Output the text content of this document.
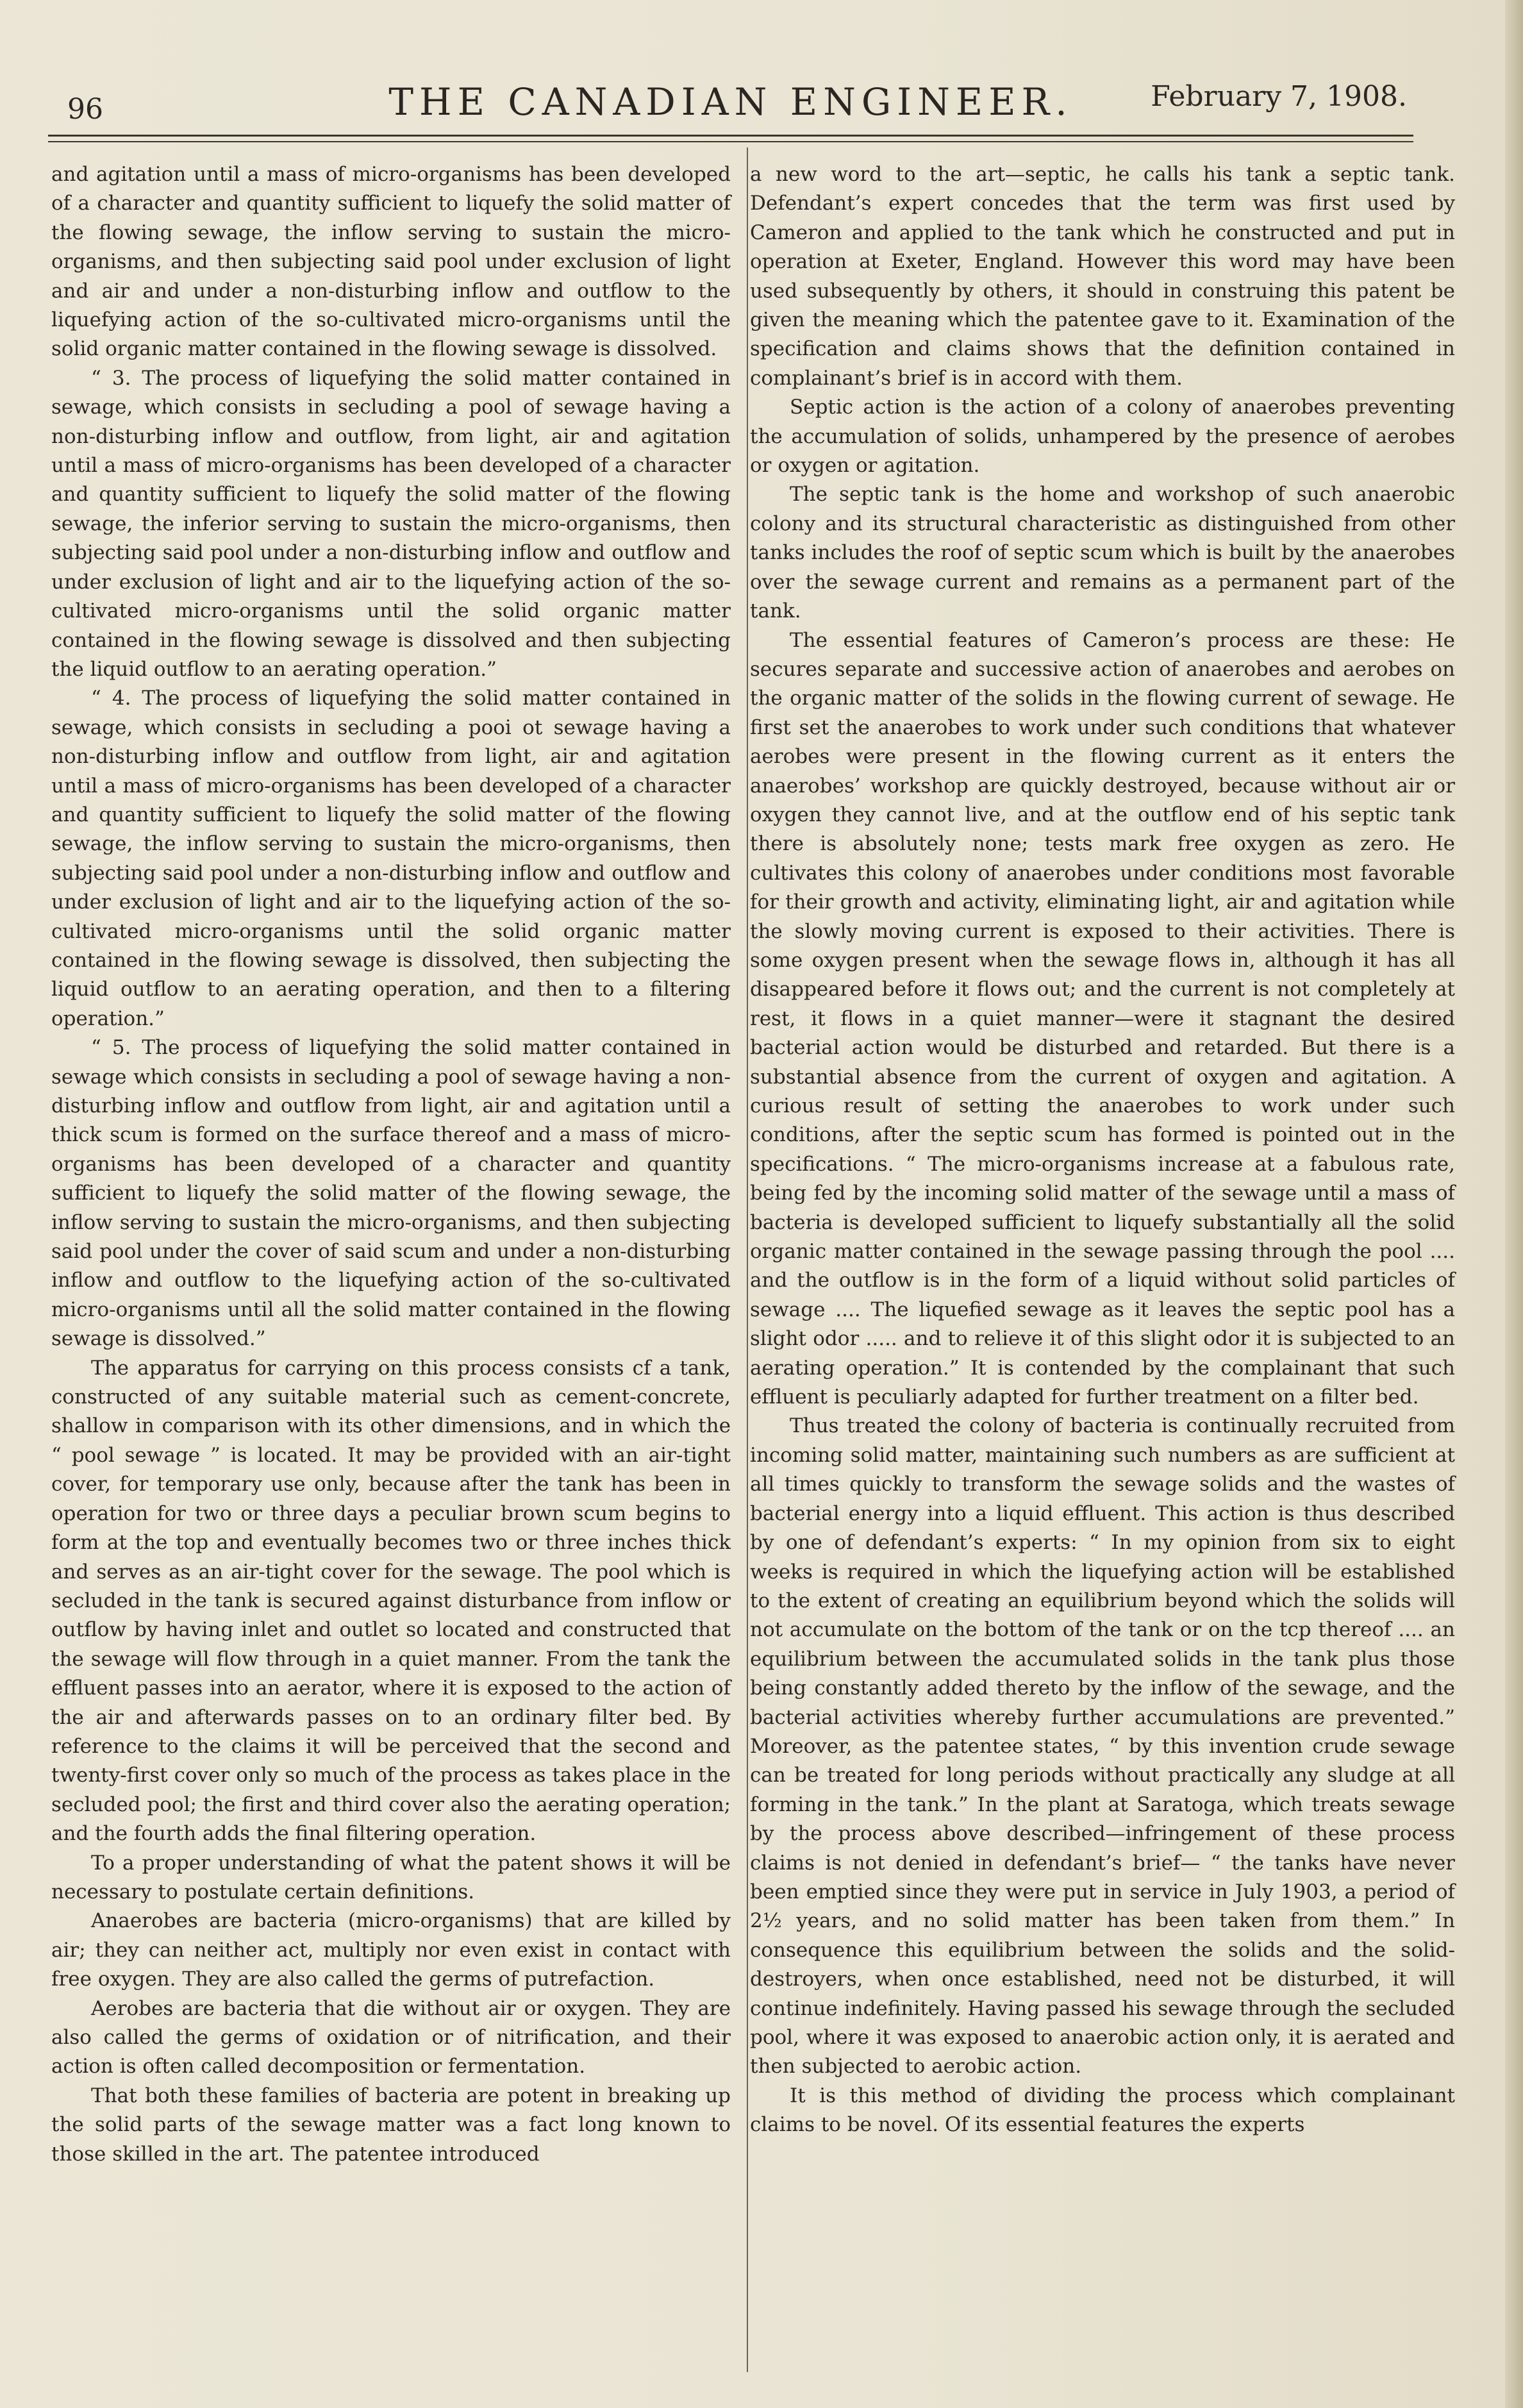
96	THE CANADIAN ENGINEER.	February 7, 1908.

and agitation until a mass of micro-organisms has been developed of a character and quantity sufficient to liquefy the solid matter of the flowing sewage, the inflow serving to sustain the micro-organisms, and then subjecting said pool under exclusion of light and air and under a non-disturbing inflow and outflow to the liquefying action of the so-cultivated micro-organisms until the solid organic matter contained in the flowing sewage is dissolved.

“ 3. The process of liquefying the solid matter contained in sewage, which consists in secluding a pool of sewage having a non-disturbing inflow and outflow, from light, air and agitation until a mass of micro-organisms has been developed of a character and quantity sufficient to liquefy the solid matter of the flowing sewage, the inferior serving to sustain the micro-organisms, then subjecting said pool under a non-disturbing inflow and outflow and under exclusion of light and air to the liquefying action of the so-cultivated micro-organisms until the solid organic matter contained in the flowing sewage is dissolved and then subjecting the liquid outflow to an aerating operation.”

“ 4. The process of liquefying the solid matter contained in sewage, which consists in secluding a pooi ot sewage having a non-disturbing inflow and outflow from light, air and agitation until a mass of micro-organisms has been developed of a character and quantity sufficient to liquefy the solid matter of the flowing sewage, the inflow serving to sustain the micro-organisms, then subjecting said pool under a non-disturbing inflow and outflow and under exclusion of light and air to the liquefying action of the so-cultivated micro-organisms until the solid organic matter contained in the flowing sewage is dissolved, then subjecting the liquid outflow to an aerating operation, and then to a filtering operation.”

“ 5. The process of liquefying the solid matter contained in sewage which consists in secluding a pool of sewage having a non-disturbing inflow and outflow from light, air and agitation until a thick scum is formed on the surface thereof and a mass of micro-organisms has been developed of a character and quantity sufficient to liquefy the solid matter of the flowing sewage, the inflow serving to sustain the micro-organisms, and then subjecting said pool under the cover of said scum and under a non-disturbing inflow and outflow to the liquefying action of the so-cultivated micro-organisms until all the solid matter contained in the flowing sewage is dissolved.”

The apparatus for carrying on this process consists cf a tank, constructed of any suitable material such as cement-concrete, shallow in comparison with its other dimensions, and in which the “ pool sewage ” is located. It may be provided with an air-tight cover, for temporary use only, because after the tank has been in operation for two or three days a peculiar brown scum begins to form at the top and eventually becomes two or three inches thick and serves as an air-tight cover for the sewage. The pool which is secluded in the tank is secured against disturbance from inflow or outflow by having inlet and outlet so located and constructed that the sewage will flow through in a quiet manner. From the tank the effluent passes into an aerator, where it is exposed to the action of the air and afterwards passes on to an ordinary filter bed. By reference to the claims it will be perceived that the second and twenty-first cover only so much of the process as takes place in the secluded pool; the first and third cover also the aerating operation; and the fourth adds the final filtering operation.

To a proper understanding of what the patent shows it will be necessary to postulate certain definitions.

Anaerobes are bacteria (micro-organisms) that are killed by air; they can neither act, multiply nor even exist in contact with free oxygen. They are also called the germs of putrefaction.

Aerobes are bacteria that die without air or oxygen. They are also called the germs of oxidation or of nitrification, and their action is often called decomposition or fermentation.

That both these families of bacteria are potent in breaking up the solid parts of the sewage matter was a fact long known to those skilled in the art. The patentee introduced

a new word to the art—septic, he calls his tank a septic tank. Defendant’s expert concedes that the term was first used by Cameron and applied to the tank which he constructed and put in operation at Exeter, England. However this word may have been used subsequently by others, it should in construing this patent be given the meaning which the patentee gave to it. Examination of the specification and claims shows that the definition contained in complainant’s brief is in accord with them.

Septic action is the action of a colony of anaerobes preventing the accumulation of solids, unhampered by the presence of aerobes or oxygen or agitation.

The septic tank is the home and workshop of such anaerobic colony and its structural characteristic as distinguished from other tanks includes the roof of septic scum which is built by the anaerobes over the sewage current and remains as a permanent part of the tank.

The essential features of Cameron’s process are these: He secures separate and successive action of anaerobes and aerobes on the organic matter of the solids in the flowing current of sewage. He first set the anaerobes to work under such conditions that whatever aerobes were present in the flowing current as it enters the anaerobes’ workshop are quickly destroyed, because without air or oxygen they cannot live, and at the outflow end of his septic tank there is absolutely none; tests mark free oxygen as zero. He cultivates this colony of anaerobes under conditions most favorable for their growth and activity, eliminating light, air and agitation while the slowly moving current is exposed to their activities. There is some oxygen present when the sewage flows in, although it has all disappeared before it flows out; and the current is not completely at rest, it flows in a quiet manner—were it stagnant the desired bacterial action would be disturbed and retarded. But there is a substantial absence from the current of oxygen and agitation. A curious result of setting the anaerobes to work under such conditions, after the septic scum has formed is pointed out in the specifications. “ The micro-organisms increase at a fabulous rate, being fed by the incoming solid matter of the sewage until a mass of bacteria is developed sufficient to liquefy substantially all the solid organic matter contained in the sewage passing through the pool .... and the outflow is in the form of a liquid without solid particles of sewage .... The liquefied sewage as it leaves the septic pool has a slight odor ..... and to relieve it of this slight odor it is subjected to an aerating operation.” It is contended by the complainant that such effluent is peculiarly adapted for further treatment on a filter bed.

Thus treated the colony of bacteria is continually recruited from incoming solid matter, maintaining such numbers as are sufficient at all times quickly to transform the sewage solids and the wastes of bacterial energy into a liquid effluent. This action is thus described by one of defendant’s experts: “ In my opinion from six to eight weeks is required in which the liquefying action will be established to the extent of creating an equilibrium beyond which the solids will not accumulate on the bottom of the tank or on the tcp thereof .... an equilibrium between the accumulated solids in the tank plus those being constantly added thereto by the inflow of the sewage, and the bacterial activities whereby further accumulations are prevented.” Moreover, as the patentee states, “ by this invention crude sewage can be treated for long periods without practically any sludge at all forming in the tank.” In the plant at Saratoga, which treats sewage by the process above described—infringement of these process claims is not denied in defendant’s brief— “ the tanks have never been emptied since they were put in service in July 1903, a period of 2½ years, and no solid matter has been taken from them.” In consequence this equilibrium between the solids and the solid-destroyers, when once established, need not be disturbed, it will continue indefinitely. Having passed his sewage through the secluded pool, where it was exposed to anaerobic action only, it is aerated and then subjected to aerobic action.

It is this method of dividing the process which complainant claims to be novel. Of its essential features the experts
